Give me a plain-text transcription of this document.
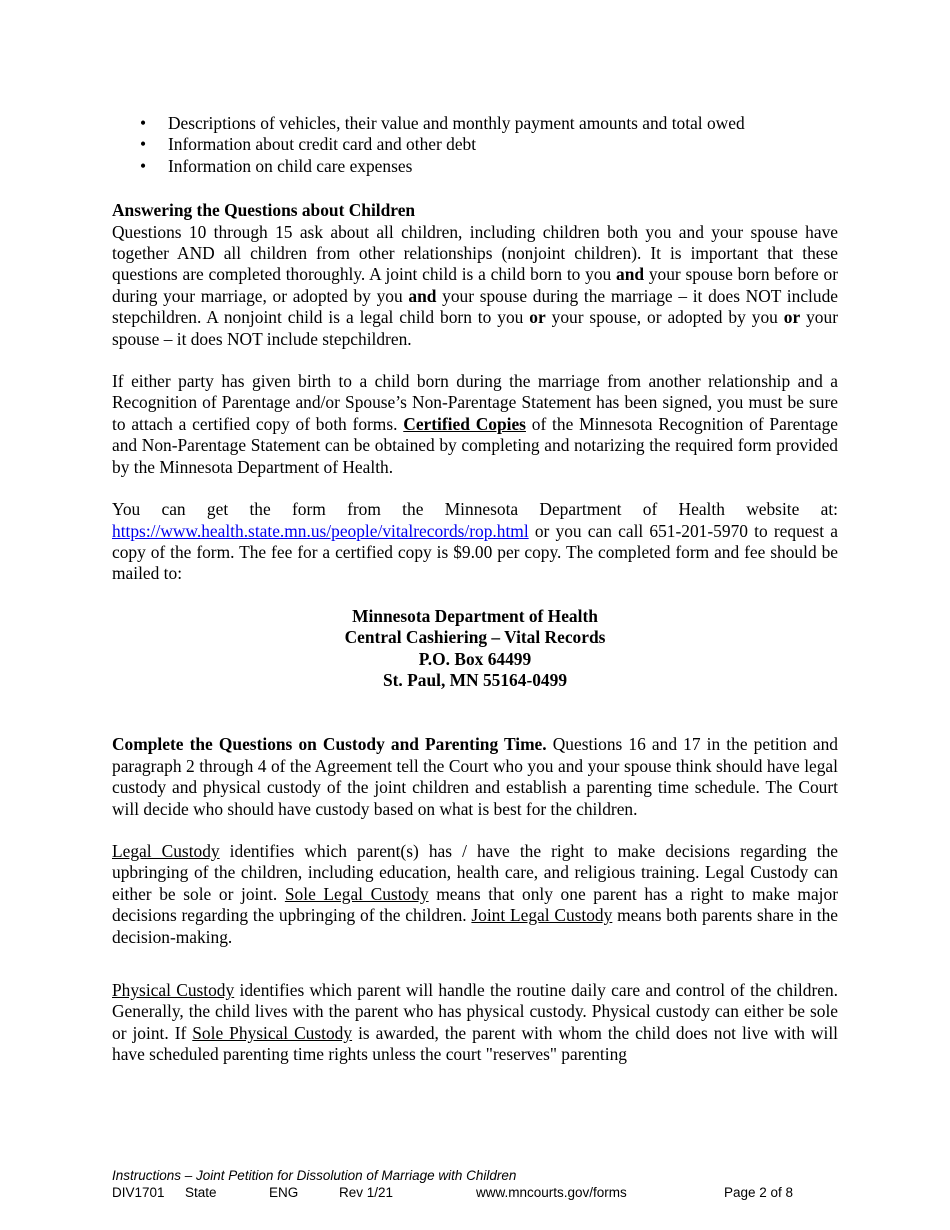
• Descriptions of vehicles, their value and monthly payment amounts and total owed
• Information about credit card and other debt
• Information on child care expenses

Answering the Questions about Children

Questions 10 through 15 ask about all children, including children both you and your spouse have together AND all children from other relationships (nonjoint children). It is important that these questions are completed thoroughly. A joint child is a child born to you and your spouse born before or during your marriage, or adopted by you and your spouse during the marriage – it does NOT include stepchildren. A nonjoint child is a legal child born to you or your spouse, or adopted by you or your spouse – it does NOT include stepchildren.

If either party has given birth to a child born during the marriage from another relationship and a Recognition of Parentage and/or Spouse’s Non-Parentage Statement has been signed, you must be sure to attach a certified copy of both forms. Certified Copies of the Minnesota Recognition of Parentage and Non-Parentage Statement can be obtained by completing and notarizing the required form provided by the Minnesota Department of Health.

You can get the form from the Minnesota Department of Health website at: https://www.health.state.mn.us/people/vitalrecords/rop.html or you can call 651-201-5970 to request a copy of the form. The fee for a certified copy is $9.00 per copy. The completed form and fee should be mailed to:

Minnesota Department of Health
Central Cashiering – Vital Records
P.O. Box 64499
St. Paul, MN 55164-0499

Complete the Questions on Custody and Parenting Time. Questions 16 and 17 in the petition and paragraph 2 through 4 of the Agreement tell the Court who you and your spouse think should have legal custody and physical custody of the joint children and establish a parenting time schedule. The Court will decide who should have custody based on what is best for the children.

Legal Custody identifies which parent(s) has / have the right to make decisions regarding the upbringing of the children, including education, health care, and religious training. Legal Custody can either be sole or joint. Sole Legal Custody means that only one parent has a right to make major decisions regarding the upbringing of the children. Joint Legal Custody means both parents share in the decision-making.

Physical Custody identifies which parent will handle the routine daily care and control of the children. Generally, the child lives with the parent who has physical custody. Physical custody can either be sole or joint. If Sole Physical Custody is awarded, the parent with whom the child does not live with will have scheduled parenting time rights unless the court "reserves" parenting

Instructions – Joint Petition for Dissolution of Marriage with Children
DIV1701 State	ENG	Rev 1/21	www.mncourts.gov/forms	Page 2 of 8
